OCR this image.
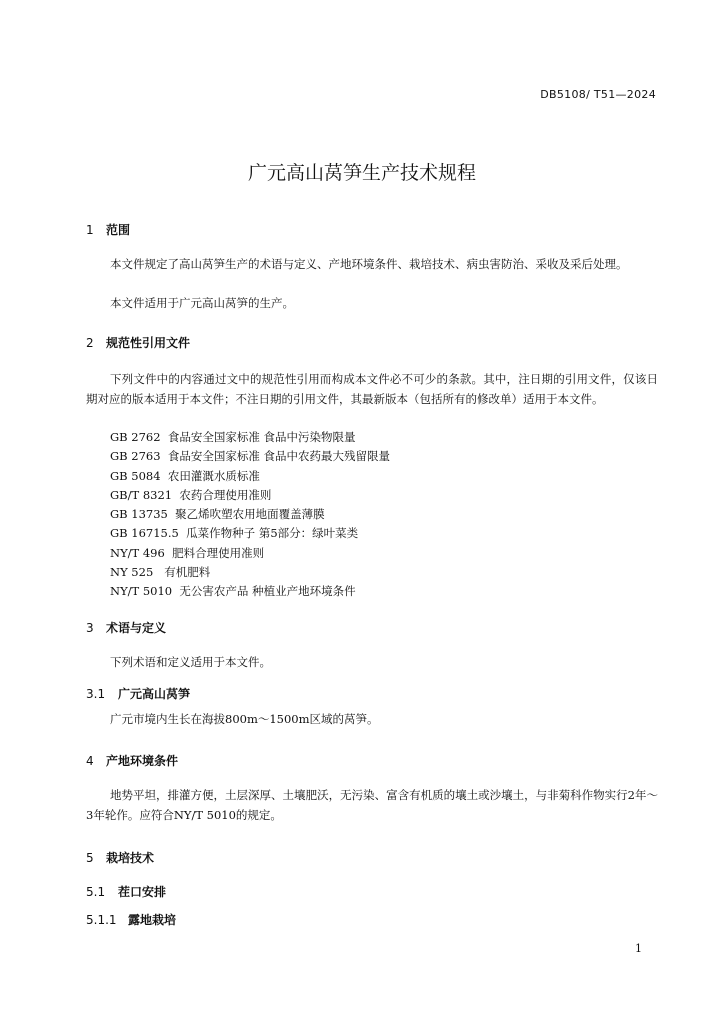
DB5108/ T51—2024
广元高山莴笋生产技术规程
1 范围

本文件规定了高山莴笋生产的术语与定义、产地环境条件、栽培技术、病虫害防治、采收及采后处理。

本文件适用于广元高山莴笋的生产。

2 规范性引用文件

下列文件中的内容通过文中的规范性引用而构成本文件必不可少的条款。其中，注日期的引用文件，仅该日期对应的版本适用于本文件；不注日期的引用文件，其最新版本（包括所有的修改单）适用于本文件。

GB 2762  食品安全国家标准 食品中污染物限量
GB 2763  食品安全国家标准 食品中农药最大残留限量
GB 5084  农田灌溉水质标准
GB/T 8321  农药合理使用准则
GB 13735  聚乙烯吹塑农用地面覆盖薄膜
GB 16715.5  瓜菜作物种子 第5部分：绿叶菜类
NY/T 496  肥料合理使用准则
NY 525   有机肥料
NY/T 5010  无公害农产品 种植业产地环境条件
3 术语与定义

下列术语和定义适用于本文件。

3.1 广元高山莴笋

广元市境内生长在海拔800m～1500m区域的莴笋。

4 产地环境条件

地势平坦，排灌方便，土层深厚、土壤肥沃，无污染、富含有机质的壤土或沙壤土，与非菊科作物实行2年～3年轮作。应符合NY/T 5010的规定。

5 栽培技术
5.1 茬口安排
5.1.1 露地栽培
1
